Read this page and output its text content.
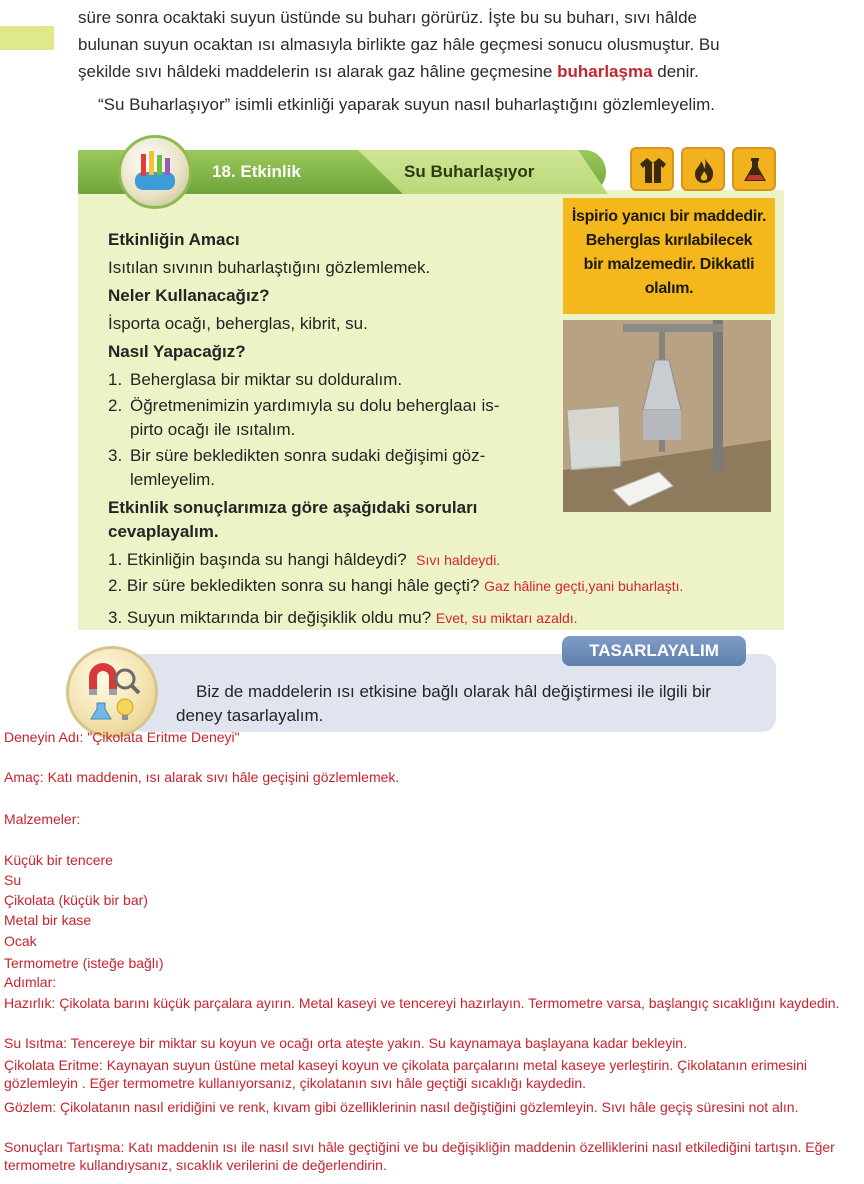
süre sonra ocaktaki suyun üstünde su buharı görürüz. İşte bu su buharı, sıvı hâlde

bulunan suyun ocaktan ısı almasıyla birlikte gaz hâle geçmesi sonucu olusmuştur. Bu

şekilde sıvı hâldeki maddelerin ısı alarak gaz hâline geçmesine buharlaşma denir.

“Su Buharlaşıyor” isimli etkinliği yaparak suyun nasıl buharlaştığını gözlemleyelim.

18. Etkinlik	Su Buharlaşıyor
İspirio yanıcı bir maddedir.
Beherglas kırılabilecek
bir malzemedir. Dikkatli
olalım.
Etkinliğin Amacı
Isıtılan sıvının buharlaştığını gözlemlemek.
Neler Kullanacağız?
İsporta ocağı, beherglas, kibrit, su.
Nasıl Yapacağız?
1. Beherglasa bir miktar su dolduralım.
2. Öğretmenimizin yardımıyla su dolu beherglaaı is-
pirto ocağı ile ısıtalım.
3. Bir süre bekledikten sonra sudaki değişimi göz-
lemleyelim.
Etkinlik sonuçlarımıza göre aşağıdaki soruları
cevaplayalım.
1. Etkinliğin başında su hangi hâldeydi? Sıvı haldeydi.
2. Bir süre bekledikten sonra su hangi hâle geçti? Gaz hâline geçti,yani buharlaştı.
3. Suyun miktarında bir değişiklik oldu mu? Evet, su miktarı azaldı.
TASARLAYALIM
Biz de maddelerin ısı etkisine bağlı olarak hâl değiştirmesi ile ilgili bir
deney tasarlayalım.
Deneyin Adı: "Çikolata Eritme Deneyi"
Amaç: Katı maddenin, ısı alarak sıvı hâle geçişini gözlemlemek.
Malzemeler:
Küçük bir tencere
Su
Çikolata (küçük bir bar)
Metal bir kase
Ocak
Termometre (isteğe bağlı)
Adımlar:
Hazırlık: Çikolata barını küçük parçalara ayırın. Metal kaseyi ve tencereyi hazırlayın. Termometre varsa, başlangıç sıcaklığını kaydedin.
Su Isıtma: Tencereye bir miktar su koyun ve ocağı orta ateşte yakın. Su kaynamaya başlayana kadar bekleyin.
Çikolata Eritme: Kaynayan suyun üstüne metal kaseyi koyun ve çikolata parçalarını metal kaseye yerleştirin. Çikolatanın erimesini gözlemleyin . Eğer termometre kullanıyorsanız, çikolatanın sıvı hâle geçtiği sıcaklığı kaydedin.
Gözlem: Çikolatanın nasıl eridiğini ve renk, kıvam gibi özelliklerinin nasıl değiştiğini gözlemleyin. Sıvı hâle geçiş süresini not alın.
Sonuçları Tartışma: Katı maddenin ısı ile nasıl sıvı hâle geçtiğini ve bu değişikliğin maddenin özelliklerini nasıl etkilediğini tartışın. Eğer termometre kullandıysanız, sıcaklık verilerini de değerlendirin.
